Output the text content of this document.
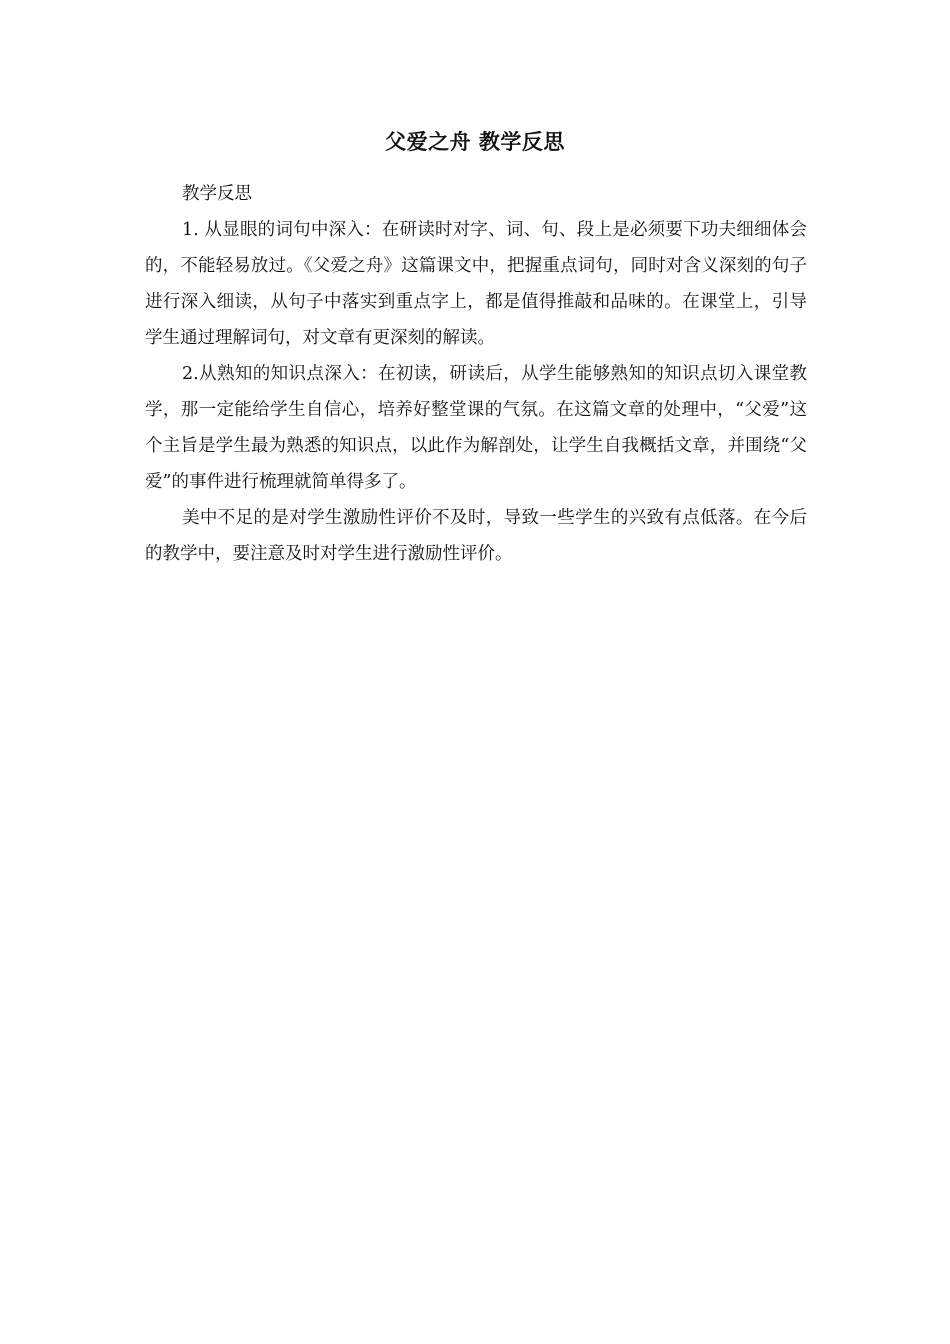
父爱之舟 教学反思

教学反思

1. 从显眼的词句中深入：在研读时对字、词、句、段上是必须要下功夫细细体会的，不能轻易放过。《父爱之舟》这篇课文中，把握重点词句，同时对含义深刻的句子进行深入细读，从句子中落实到重点字上，都是值得推敲和品味的。在课堂上，引导学生通过理解词句，对文章有更深刻的解读。

2.从熟知的知识点深入：在初读，研读后，从学生能够熟知的知识点切入课堂教学，那一定能给学生自信心，培养好整堂课的气氛。在这篇文章的处理中，“父爱”这个主旨是学生最为熟悉的知识点，以此作为解剖处，让学生自我概括文章，并围绕“父爱”的事件进行梳理就简单得多了。

美中不足的是对学生激励性评价不及时，导致一些学生的兴致有点低落。在今后的教学中，要注意及时对学生进行激励性评价。
